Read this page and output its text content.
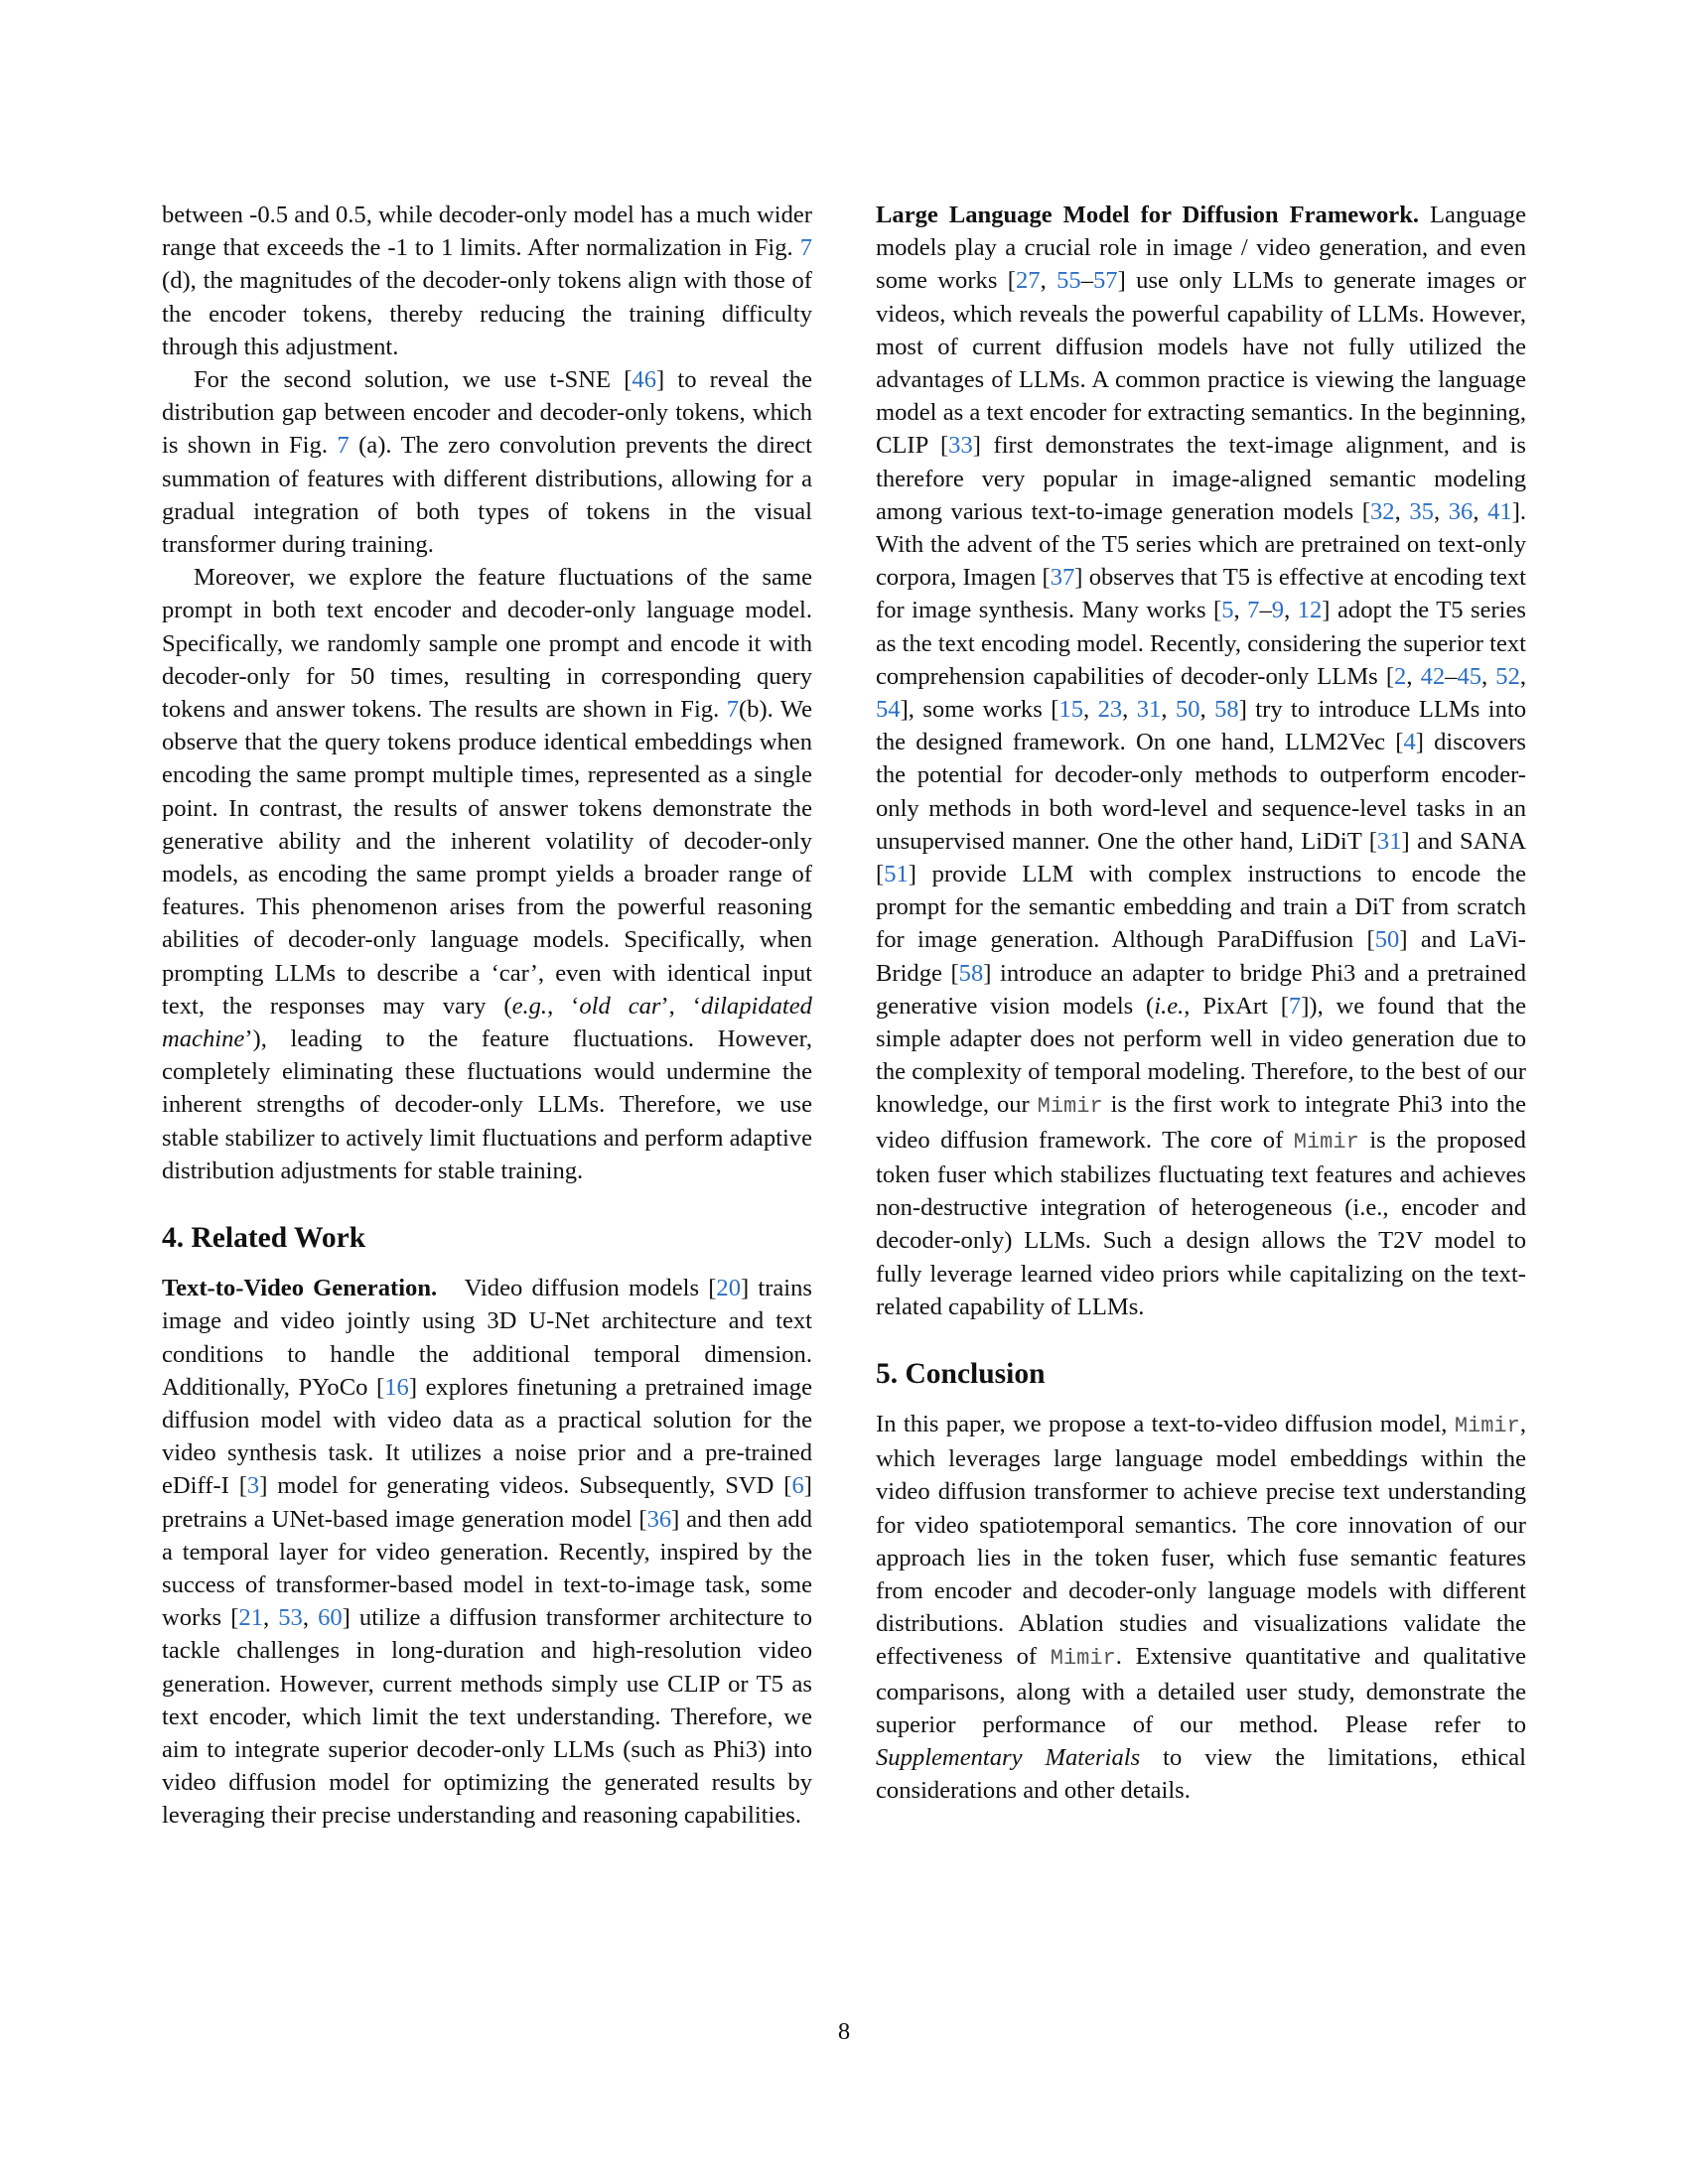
between -0.5 and 0.5, while decoder-only model has a much wider range that exceeds the -1 to 1 limits. After normalization in Fig. 7 (d), the magnitudes of the decoder-only tokens align with those of the encoder tokens, thereby reducing the training difficulty through this adjustment.

For the second solution, we use t-SNE [46] to reveal the distribution gap between encoder and decoder-only tokens, which is shown in Fig. 7 (a). The zero convolution prevents the direct summation of features with different distributions, allowing for a gradual integration of both types of tokens in the visual transformer during training.

Moreover, we explore the feature fluctuations of the same prompt in both text encoder and decoder-only language model. Specifically, we randomly sample one prompt and encode it with decoder-only for 50 times, resulting in corresponding query tokens and answer tokens. The results are shown in Fig. 7(b). We observe that the query tokens produce identical embeddings when encoding the same prompt multiple times, represented as a single point. In contrast, the results of answer tokens demonstrate the generative ability and the inherent volatility of decoder-only models, as encoding the same prompt yields a broader range of features. This phenomenon arises from the powerful reasoning abilities of decoder-only language models. Specifically, when prompting LLMs to describe a ‘car’, even with identical input text, the responses may vary (e.g., ‘old car’, ‘dilapidated machine’), leading to the feature fluctuations. However, completely eliminating these fluctuations would undermine the inherent strengths of decoder-only LLMs. Therefore, we use stable stabilizer to actively limit fluctuations and perform adaptive distribution adjustments for stable training.

4. Related Work

Text-to-Video Generation. Video diffusion models [20] trains image and video jointly using 3D U-Net architecture and text conditions to handle the additional temporal dimension. Additionally, PYoCo [16] explores finetuning a pretrained image diffusion model with video data as a practical solution for the video synthesis task. It utilizes a noise prior and a pre-trained eDiff-I [3] model for generating videos. Subsequently, SVD [6] pretrains a UNet-based image generation model [36] and then add a temporal layer for video generation. Recently, inspired by the success of transformer-based model in text-to-image task, some works [21, 53, 60] utilize a diffusion transformer architecture to tackle challenges in long-duration and high-resolution video generation. However, current methods simply use CLIP or T5 as text encoder, which limit the text understanding. Therefore, we aim to integrate superior decoder-only LLMs (such as Phi3) into video diffusion model for optimizing the generated results by leveraging their precise understanding and reasoning capabilities.

Large Language Model for Diffusion Framework. Language models play a crucial role in image / video generation, and even some works [27, 55–57] use only LLMs to generate images or videos, which reveals the powerful capability of LLMs. However, most of current diffusion models have not fully utilized the advantages of LLMs. A common practice is viewing the language model as a text encoder for extracting semantics. In the beginning, CLIP [33] first demonstrates the text-image alignment, and is therefore very popular in image-aligned semantic modeling among various text-to-image generation models [32, 35, 36, 41]. With the advent of the T5 series which are pretrained on text-only corpora, Imagen [37] observes that T5 is effective at encoding text for image synthesis. Many works [5, 7–9, 12] adopt the T5 series as the text encoding model. Recently, considering the superior text comprehension capabilities of decoder-only LLMs [2, 42–45, 52, 54], some works [15, 23, 31, 50, 58] try to introduce LLMs into the designed framework. On one hand, LLM2Vec [4] discovers the potential for decoder-only methods to outperform encoder-only methods in both word-level and sequence-level tasks in an unsupervised manner. One the other hand, LiDiT [31] and SANA [51] provide LLM with complex instructions to encode the prompt for the semantic embedding and train a DiT from scratch for image generation. Although ParaDiffusion [50] and LaVi-Bridge [58] introduce an adapter to bridge Phi3 and a pretrained generative vision models (i.e., PixArt [7]), we found that the simple adapter does not perform well in video generation due to the complexity of temporal modeling. Therefore, to the best of our knowledge, our Mimir is the first work to integrate Phi3 into the video diffusion framework. The core of Mimir is the proposed token fuser which stabilizes fluctuating text features and achieves non-destructive integration of heterogeneous (i.e., encoder and decoder-only) LLMs. Such a design allows the T2V model to fully leverage learned video priors while capitalizing on the text-related capability of LLMs.

5. Conclusion

In this paper, we propose a text-to-video diffusion model, Mimir, which leverages large language model embeddings within the video diffusion transformer to achieve precise text understanding for video spatiotemporal semantics. The core innovation of our approach lies in the token fuser, which fuse semantic features from encoder and decoder-only language models with different distributions. Ablation studies and visualizations validate the effectiveness of Mimir. Extensive quantitative and qualitative comparisons, along with a detailed user study, demonstrate the superior performance of our method. Please refer to Supplementary Materials to view the limitations, ethical considerations and other details.

8
